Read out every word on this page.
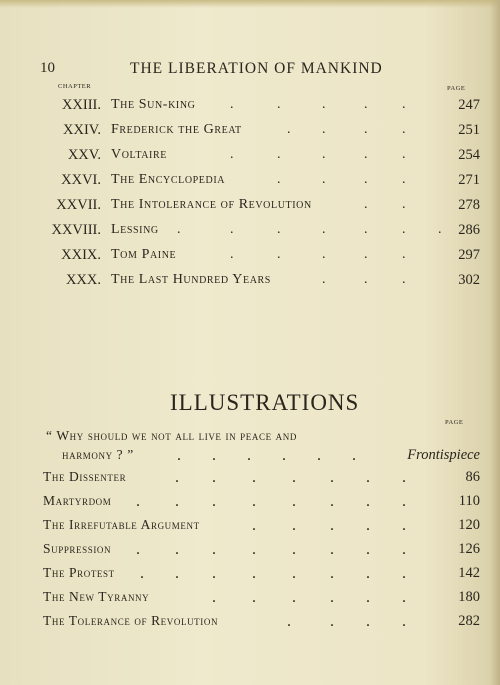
10	THE LIBERATION OF MANKIND
CHAPTER	PAGE
XXIII. The Sun-king .	.	.	. .	247
XXIV. Frederick the Great	. .	. .	251
XXV. Voltaire	.	.	.	. .	254
XXVI. The Encyclopedia	.	.	. .	271
XXVII. The Intolerance of Revolution	. .	278
XXVIII. Lessing .	.	.	.	. . . 286
XXIX. Tom Paine	.	.	.	. .	297
XXX. The Last Hundred Years	.	. .	302
ILLUSTRATIONS
PAGE
“ Why should we not all live in peace and
harmony ? ”	. . . . . .	Frontispiece
The Dissenter	. . . . . . .	86
Martyrdom . . . . . . . .	110
The Irrefutable Argument	. . . . .	120
Suppression . . . . . . . .	126
The Protest . . . . . . . .	142
The New Tyranny	. . . . . .	180
The Tolerance of Revolution	. . . .	282
